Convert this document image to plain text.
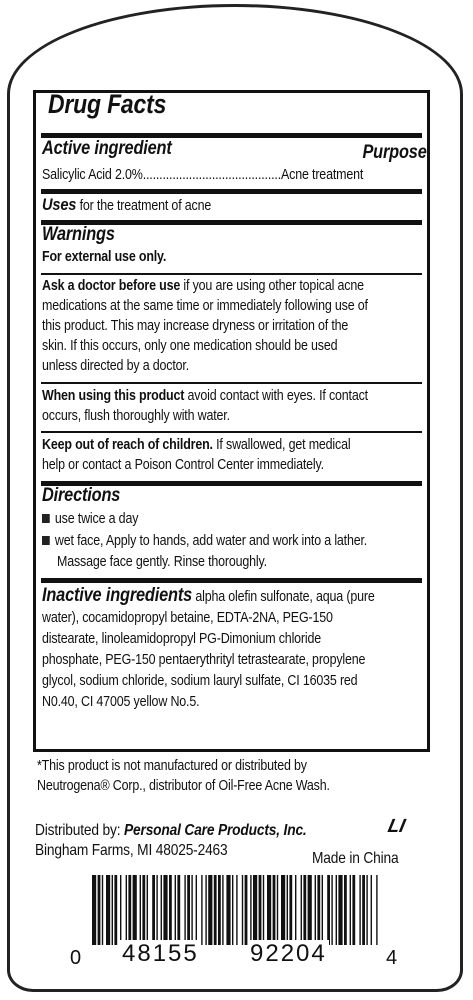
Drug Facts
Active ingredient	Purpose
Salicylic Acid 2.0%..........................................Acne treatment
Uses for the treatment of acne
Warnings
For external use only.
Ask a doctor before use if you are using other topical acne
medications at the same time or immediately following use of
this product. This may increase dryness or irritation of the
skin. If this occurs, only one medication should be used
unless directed by a doctor.
When using this product avoid contact with eyes. If contact
occurs, flush thoroughly with water.
Keep out of reach of children. If swallowed, get medical
help or contact a Poison Control Center immediately.
Directions
use twice a day
wet face, Apply to hands, add water and work into a lather.
Massage face gently. Rinse thoroughly.
Inactive ingredients alpha olefin sulfonate, aqua (pure
water), cocamidopropyl betaine, EDTA-2NA, PEG-150
distearate, linoleamidopropyl PG-Dimonium chloride
phosphate, PEG-150 pentaerythrityl tetrastearate, propylene
glycol, sodium chloride, sodium lauryl sulfate, CI 16035 red
N0.40, CI 47005 yellow No.5.
*This product is not manufactured or distributed by
Neutrogena® Corp., distributor of Oil-Free Acne Wash.
Distributed by: Personal Care Products, Inc.	LI
Bingham Farms, MI 48025-2463	Made in China
0 48155 92204	4
